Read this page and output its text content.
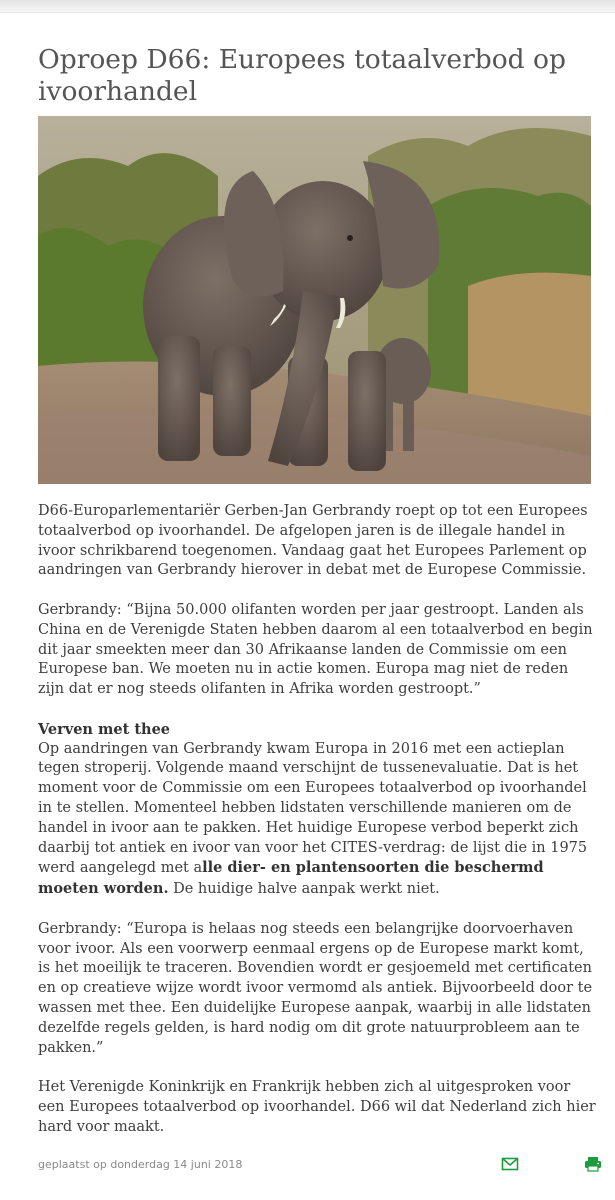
Oproep D66: Europees totaalverbod op ivoorhandel

D66-Europarlementariër Gerben-Jan Gerbrandy roept op tot een Europees totaalverbod op ivoorhandel. De afgelopen jaren is de illegale handel in ivoor schrikbarend toegenomen. Vandaag gaat het Europees Parlement op aandringen van Gerbrandy hierover in debat met de Europese Commissie.

Gerbrandy: “Bijna 50.000 olifanten worden per jaar gestroopt. Landen als China en de Verenigde Staten hebben daarom al een totaalverbod en begin dit jaar smeekten meer dan 30 Afrikaanse landen de Commissie om een Europese ban. We moeten nu in actie komen. Europa mag niet de reden zijn dat er nog steeds olifanten in Afrika worden gestroopt.”

Verven met thee

Op aandringen van Gerbrandy kwam Europa in 2016 met een actieplan tegen stroperij. Volgende maand verschijnt de tussenevaluatie. Dat is het moment voor de Commissie om een Europees totaalverbod op ivoorhandel in te stellen. Momenteel hebben lidstaten verschillende manieren om de handel in ivoor aan te pakken. Het huidige Europese verbod beperkt zich daarbij tot antiek en ivoor van voor het CITES-verdrag: de lijst die in 1975 werd aangelegd met alle dier- en plantensoorten die beschermd moeten worden. De huidige halve aanpak werkt niet.

Gerbrandy: “Europa is helaas nog steeds een belangrijke doorvoerhaven voor ivoor. Als een voorwerp eenmaal ergens op de Europese markt komt, is het moeilijk te traceren. Bovendien wordt er gesjoemeld met certificaten en op creatieve wijze wordt ivoor vermomd als antiek. Bijvoorbeeld door te wassen met thee. Een duidelijke Europese aanpak, waarbij in alle lidstaten dezelfde regels gelden, is hard nodig om dit grote natuurprobleem aan te pakken.”

Het Verenigde Koninkrijk en Frankrijk hebben zich al uitgesproken voor een Europees totaalverbod op ivoorhandel. D66 wil dat Nederland zich hier hard voor maakt.

geplaatst op donderdag 14 juni 2018
